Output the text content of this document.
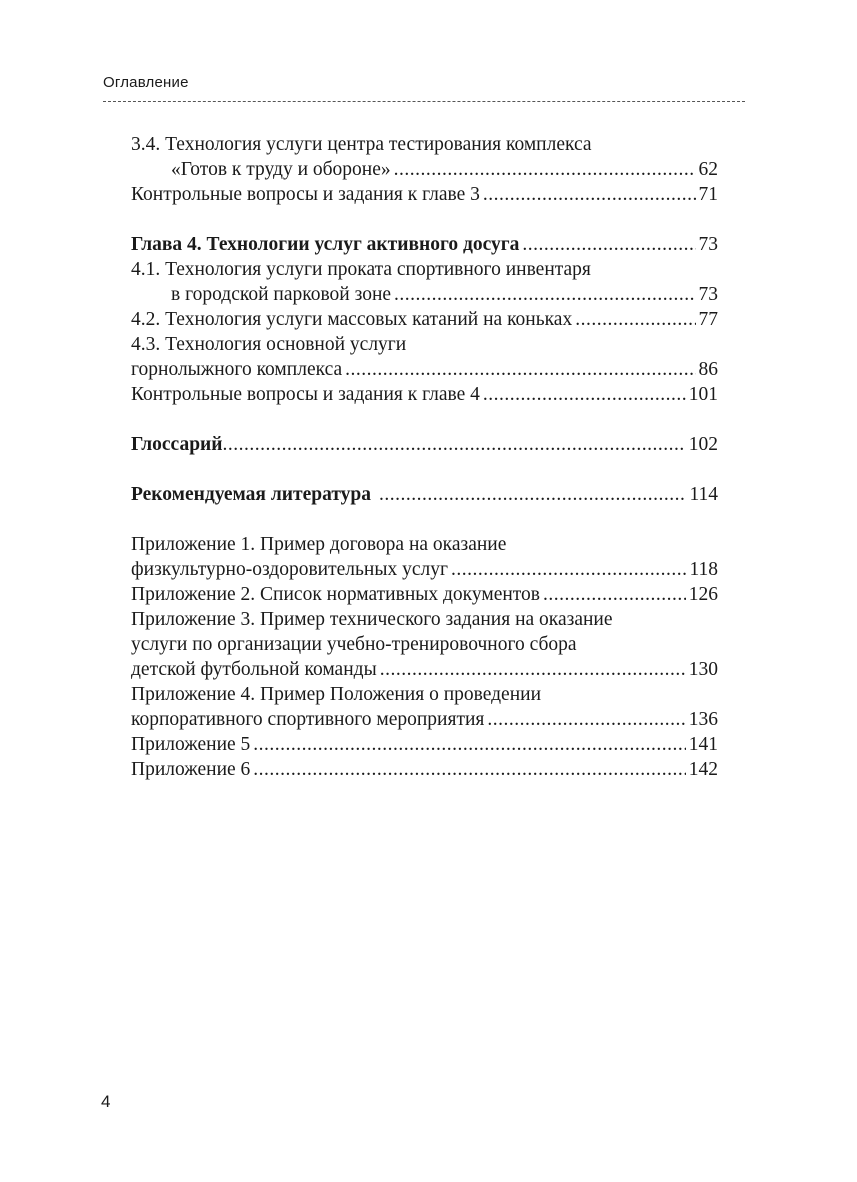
Оглавление
3.4. Технология услуги центра тестирования комплекса
«Готов к труду и обороне» .....	62
Контрольные вопросы и задания к главе 3 .....	71
Глава 4. Технологии услуг активного досуга .....	73
4.1. Технология услуги проката спортивного инвентаря
в городской парковой зоне .....	73
4.2. Технология услуги массовых катаний на коньках .....	77
4.3. Технология основной услуги
горнолыжного комплекса .....	86
Контрольные вопросы и задания к главе 4 .....	101
Глоссарий .....	102
Рекомендуемая литература .....	114
Приложение 1. Пример договора на оказание
физкультурно-оздоровительных услуг .....	118
Приложение 2. Список нормативных документов .....	126
Приложение 3. Пример технического задания на оказание
услуги по организации учебно-тренировочного сбора
детской футбольной команды .....	130
Приложение 4. Пример Положения о проведении
корпоративного спортивного мероприятия .....	136
Приложение 5 .....	141
Приложение 6 .....	142
4
